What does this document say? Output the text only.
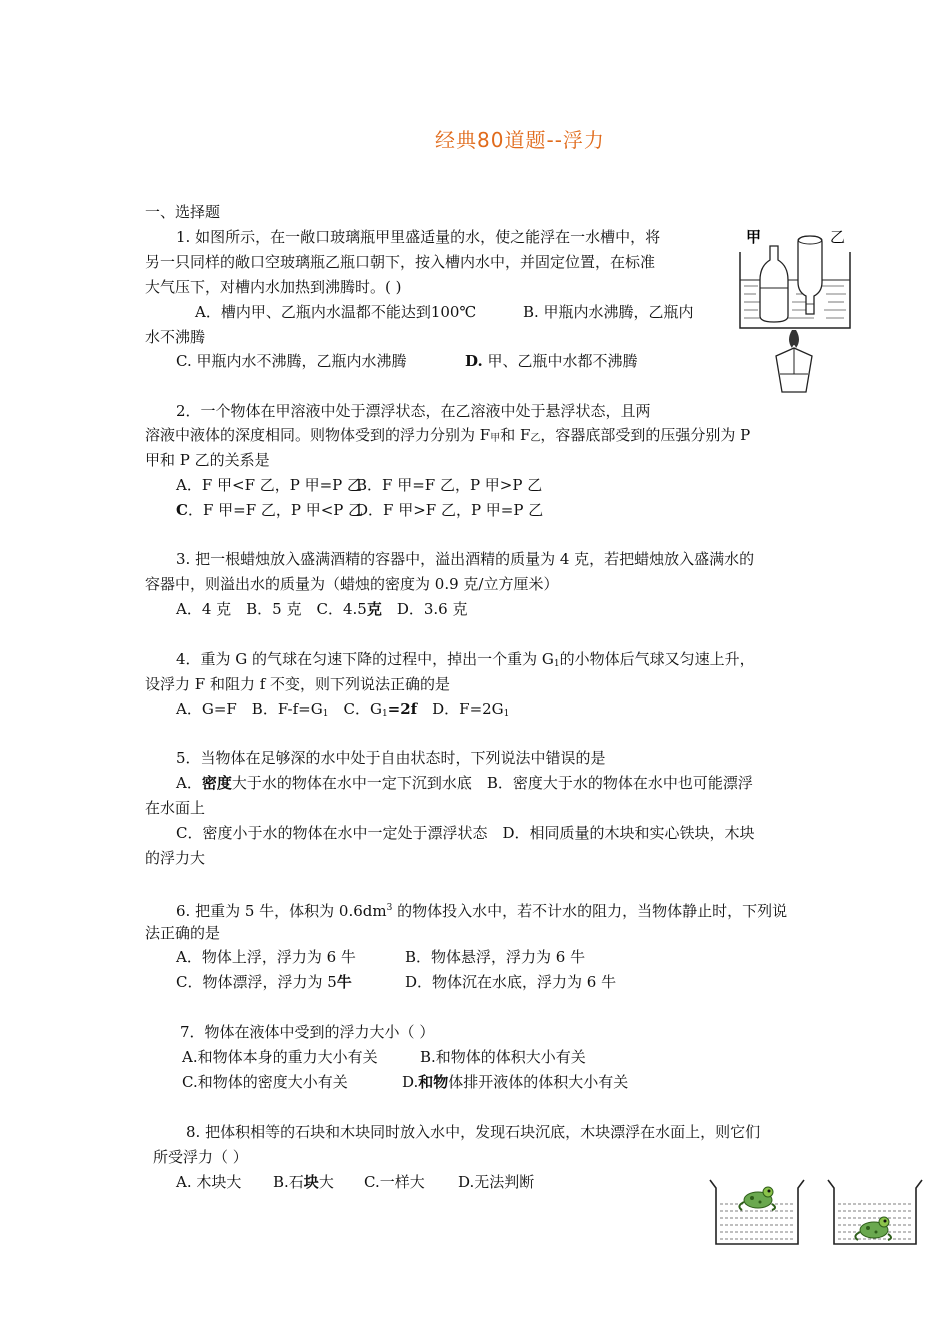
经典80道题--浮力
一、选择题
1. 如图所示，在一敞口玻璃瓶甲里盛适量的水，使之能浮在一水槽中，将
另一只同样的敞口空玻璃瓶乙瓶口朝下，按入槽内水中，并固定位置，在标准
大气压下，对槽内水加热到沸腾时。( )
A．槽内甲、乙瓶内水温都不能达到100℃	B. 甲瓶内水沸腾，乙瓶内
水不沸腾
C. 甲瓶内水不沸腾，乙瓶内水沸腾	D. 甲、乙瓶中水都不沸腾
甲	乙
2．一个物体在甲溶液中处于漂浮状态，在乙溶液中处于悬浮状态，且两
溶液中液体的深度相同。则物体受到的浮力分别为 F甲和 F乙，容器底部受到的压强分别为 P
甲和 P 乙的关系是
A．F 甲<F 乙，P 甲=P 乙
B．F 甲=F 乙，P 甲>P 乙
C．F 甲=F 乙，P 甲<P 乙
D．F 甲>F 乙，P 甲=P 乙
3. 把一根蜡烛放入盛满酒精的容器中，溢出酒精的质量为 4 克，若把蜡烛放入盛满水的
容器中，则溢出水的质量为（蜡烛的密度为 0.9 克/立方厘米）
A．4 克　B．5 克　C．4.5克　D．3.6 克
4．重为 G 的气球在匀速下降的过程中，掉出一个重为 $G_1$的小物体后气球又匀速上升，
设浮力 F 和阻力 f 不变，则下列说法正确的是
A．G=F　B．$F-f=G_1$　C．$G_1=2f$　D．$F=2G_1$
5．当物体在足够深的水中处于自由状态时，下列说法中错误的是
A．密度大于水的物体在水中一定下沉到水底　B．密度大于水的物体在水中也可能漂浮
在水面上
C．密度小于水的物体在水中一定处于漂浮状态　D．相同质量的木块和实心铁块，木块
的浮力大
6. 把重为 5 牛，体积为 $0.6dm^3$ 的物体投入水中，若不计水的阻力，当物体静止时，下列说
法正确的是
A．物体上浮，浮力为 6 牛	B．物体悬浮，浮力为 6 牛
C．物体漂浮，浮力为 5牛	D．物体沉在水底，浮力为 6 牛
7．物体在液体中受到的浮力大小（ ）
A.和物体本身的重力大小有关	B.和物体的体积大小有关
C.和物体的密度大小有关	D.和物体排开液体的体积大小有关
8. 把体积相等的石块和木块同时放入水中，发现石块沉底，木块漂浮在水面上，则它们
所受浮力（ ）
A. 木块大 B.石块大 C.一样大 D.无法判断
